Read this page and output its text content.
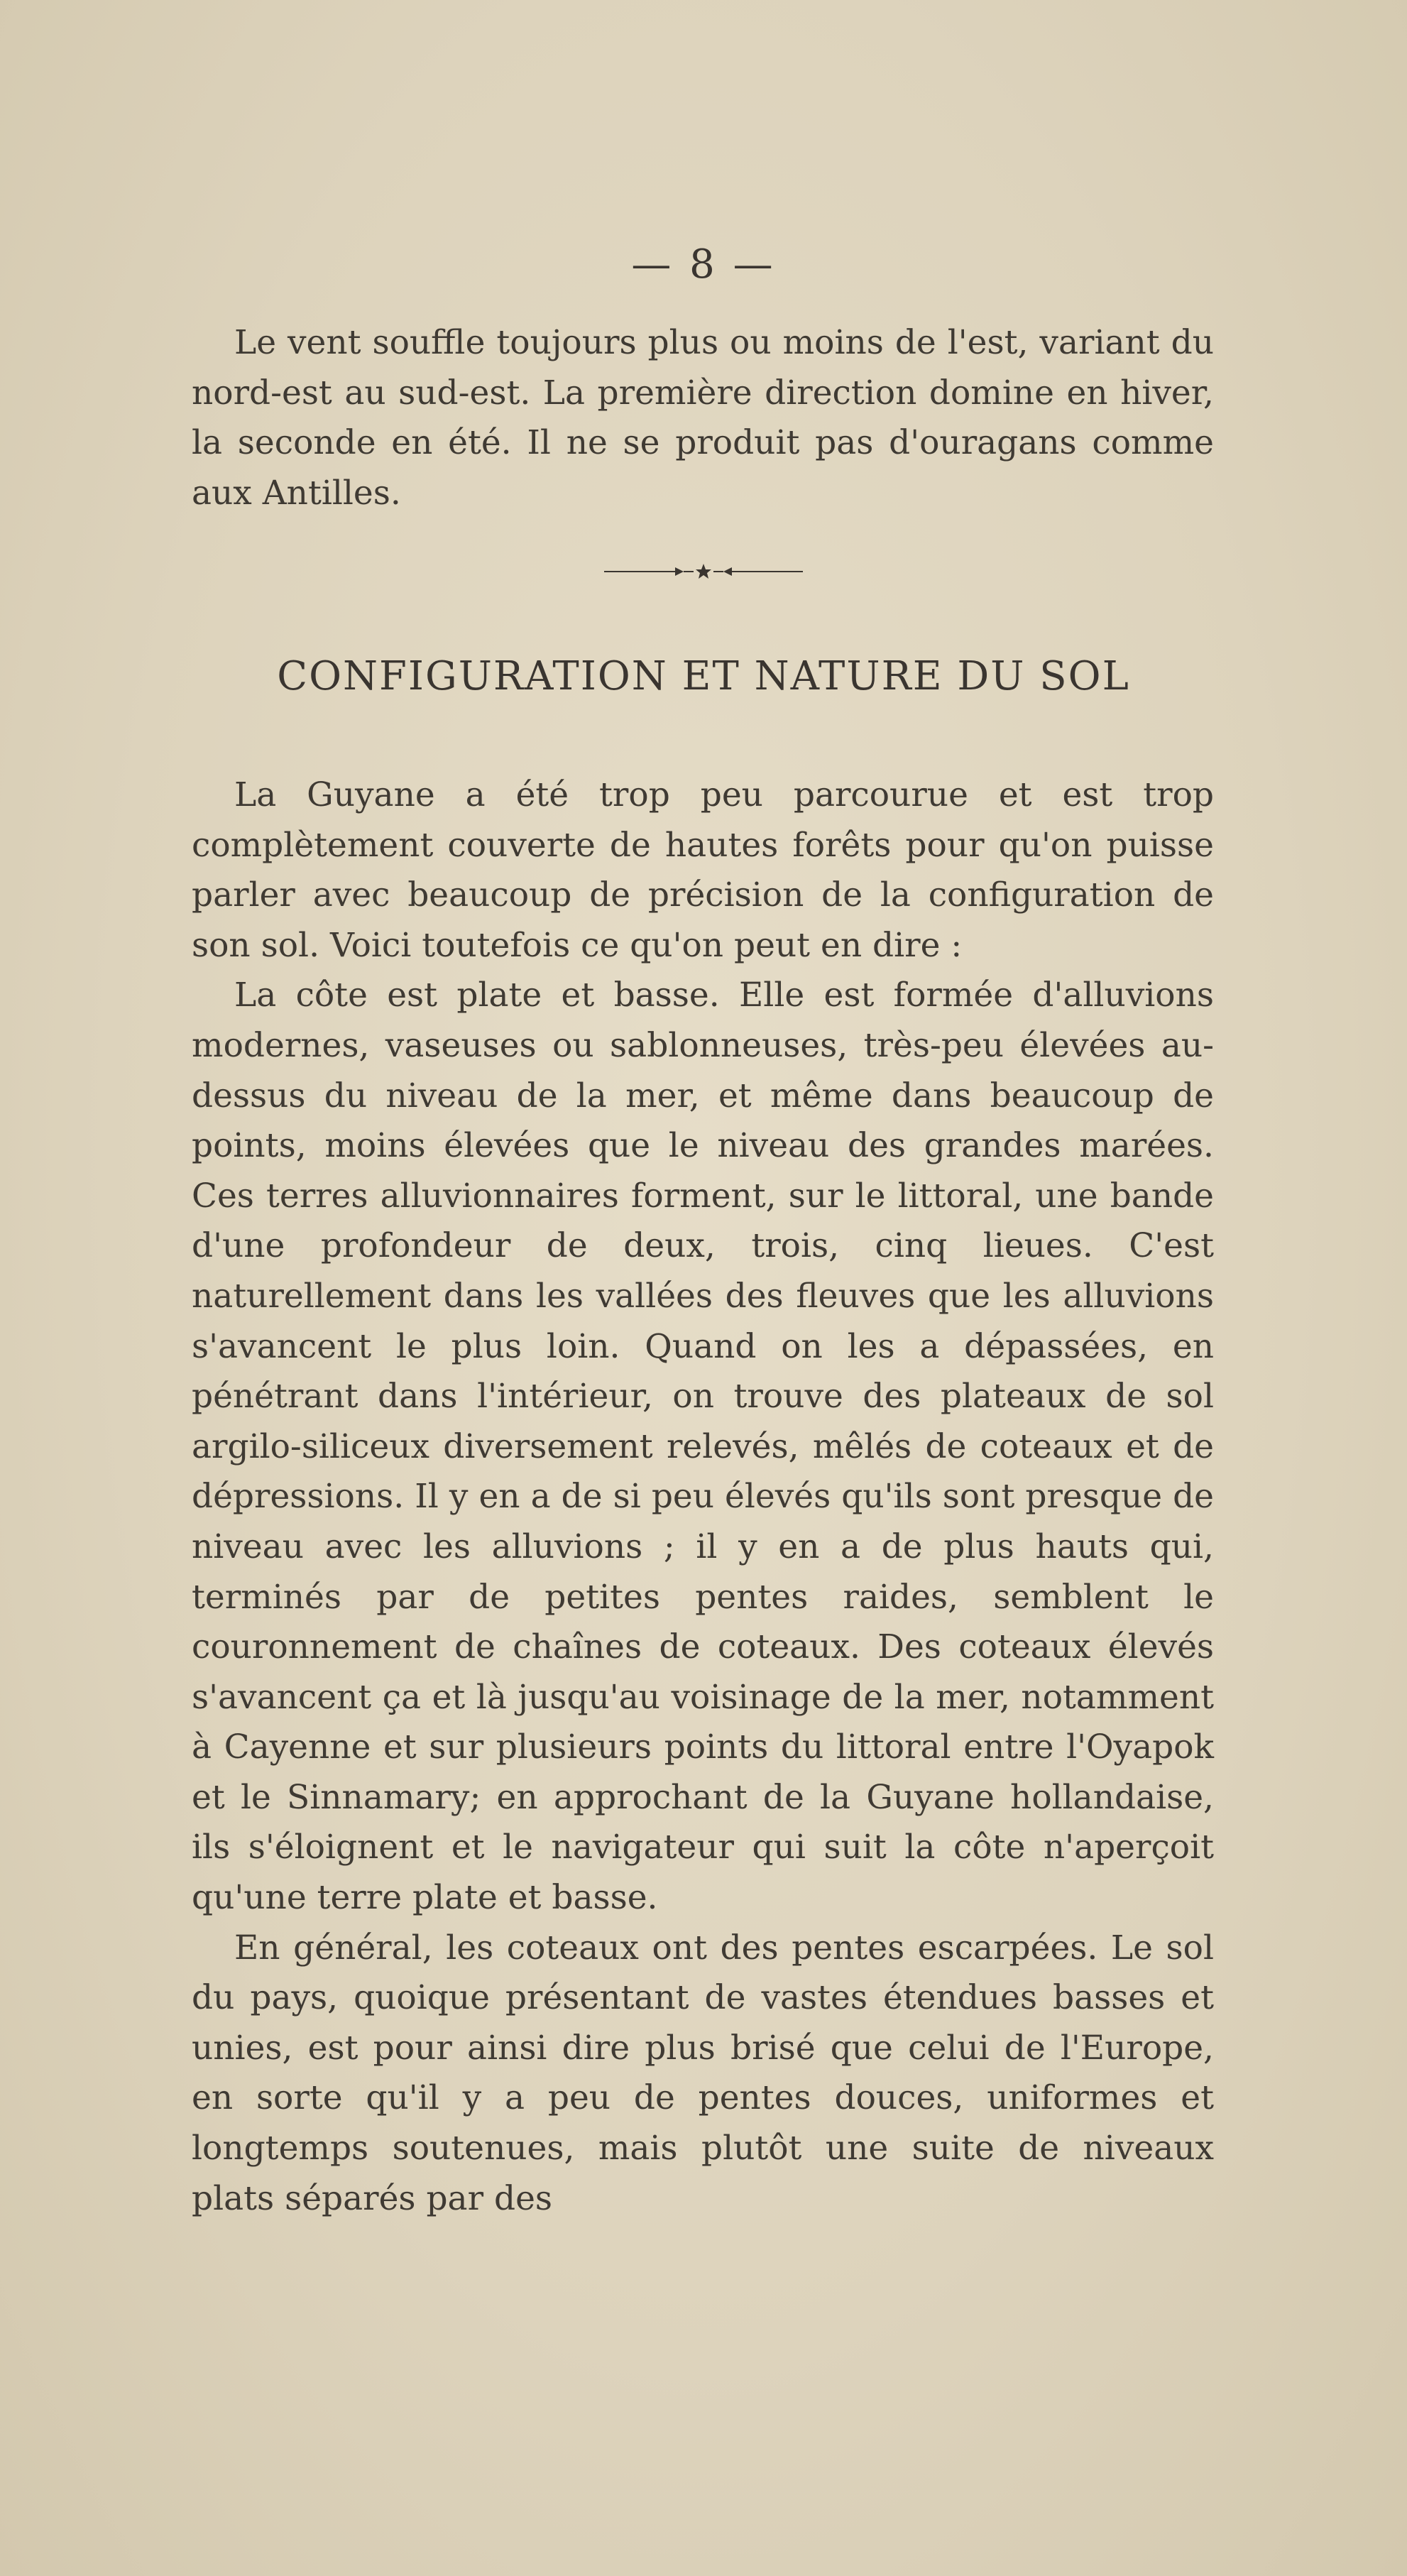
— 8 —

Le vent souffle toujours plus ou moins de l'est, variant du nord-est au sud-est. La première direction domine en hiver, la seconde en été. Il ne se produit pas d'ouragans comme aux Antilles.

CONFIGURATION ET NATURE DU SOL

La Guyane a été trop peu parcourue et est trop complètement couverte de hautes forêts pour qu'on puisse parler avec beaucoup de précision de la configuration de son sol. Voici toutefois ce qu'on peut en dire :

La côte est plate et basse. Elle est formée d'alluvions modernes, vaseuses ou sablonneuses, très-peu élevées au-dessus du niveau de la mer, et même dans beaucoup de points, moins élevées que le niveau des grandes marées. Ces terres alluvionnaires forment, sur le littoral, une bande d'une profondeur de deux, trois, cinq lieues. C'est naturellement dans les vallées des fleuves que les alluvions s'avancent le plus loin. Quand on les a dépassées, en pénétrant dans l'intérieur, on trouve des plateaux de sol argilo-siliceux diversement relevés, mêlés de coteaux et de dépressions. Il y en a de si peu élevés qu'ils sont presque de niveau avec les alluvions ; il y en a de plus hauts qui, terminés par de petites pentes raides, semblent le couronnement de chaînes de coteaux. Des coteaux élevés s'avancent ça et là jusqu'au voisinage de la mer, notamment à Cayenne et sur plusieurs points du littoral entre l'Oyapok et le Sinnamary; en approchant de la Guyane hollandaise, ils s'éloignent et le navigateur qui suit la côte n'aperçoit qu'une terre plate et basse.

En général, les coteaux ont des pentes escarpées. Le sol du pays, quoique présentant de vastes étendues basses et unies, est pour ainsi dire plus brisé que celui de l'Europe, en sorte qu'il y a peu de pentes douces, uniformes et longtemps soutenues, mais plutôt une suite de niveaux plats séparés par des
